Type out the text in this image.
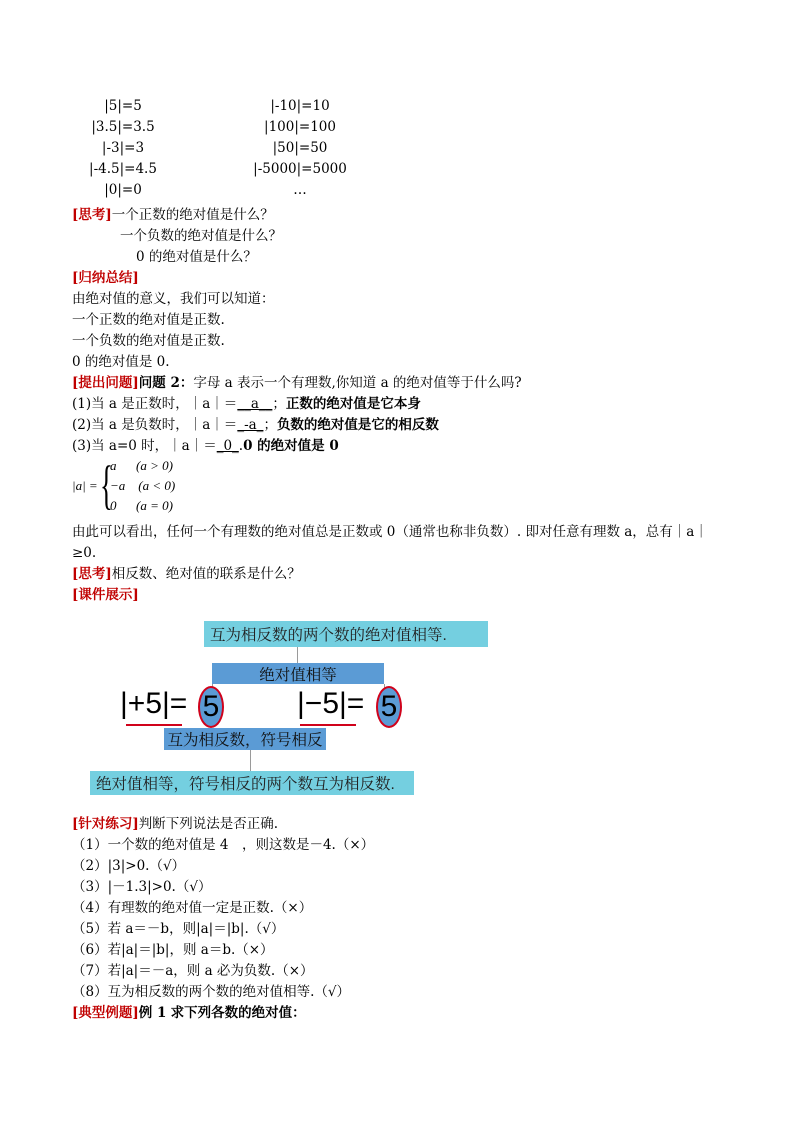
|5|=5
|3.5|=3.5
|-3|=3
|-4.5|=4.5
|0|=0
|-10|=10
|100|=100
|50|=50
|-5000|=5000
…
[思考]一个正数的绝对值是什么？
一个负数的绝对值是什么？
0 的绝对值是什么？
[归纳总结]
由绝对值的意义，我们可以知道：
一个正数的绝对值是正数.
一个负数的绝对值是正数.
0 的绝对值是 0.
[提出问题]问题 2：字母 a 表示一个有理数,你知道 a 的绝对值等于什么吗?
(1)当 a 是正数时，｜a｜＝__a__；正数的绝对值是它本身
(2)当 a 是负数时，｜a｜＝_-a_；负数的绝对值是它的相反数
(3)当 a=0 时，｜a｜＝_0_.0 的绝对值是 0
|a| = {
a      (a > 0)
−a    (a < 0)
0      (a = 0)
由此可以看出，任何一个有理数的绝对值总是正数或 0（通常也称非负数）. 即对任意有理数 a，总有｜a｜
≥0.
[思考]相反数、绝对值的联系是什么？
[课件展示]
互为相反数的两个数的绝对值相等.
绝对值相等
|+5|= 5	|−5|= 5
互为相反数，符号相反
绝对值相等，符号相反的两个数互为相反数.
[针对练习]判断下列说法是否正确.
（1）一个数的绝对值是 4　，则这数是－4.（×）
（2）|3|>0.（√）
（3）|－1.3|>0.（√）
（4）有理数的绝对值一定是正数.（×）
（5）若 a＝－b，则|a|＝|b|.（√）
（6）若|a|＝|b|，则 a＝b.（×）
（7）若|a|＝－a，则 a 必为负数.（×）
（8）互为相反数的两个数的绝对值相等.（√）
[典型例题]例 1 求下列各数的绝对值：
